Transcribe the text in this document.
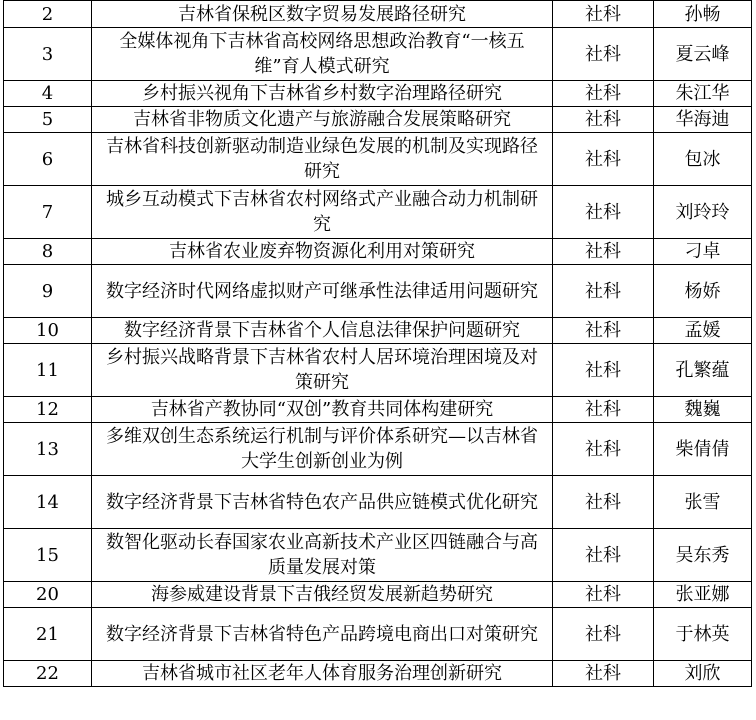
2	吉林省保税区数字贸易发展路径研究	社科	孙畅
3	全媒体视角下吉林省高校网络思想政治教育“一核五维”育人模式研究	社科	夏云峰
4	乡村振兴视角下吉林省乡村数字治理路径研究	社科	朱江华
5	吉林省非物质文化遗产与旅游融合发展策略研究	社科	华海迪
6	吉林省科技创新驱动制造业绿色发展的机制及实现路径研究	社科	包冰
7	城乡互动模式下吉林省农村网络式产业融合动力机制研究	社科	刘玲玲
8	吉林省农业废弃物资源化利用对策研究	社科	刁卓
9	数字经济时代网络虚拟财产可继承性法律适用问题研究	社科	杨娇
10	数字经济背景下吉林省个人信息法律保护问题研究	社科	孟媛
11	乡村振兴战略背景下吉林省农村人居环境治理困境及对策研究	社科	孔繁蕴
12	吉林省产教协同“双创”教育共同体构建研究	社科	魏巍
13	多维双创生态系统运行机制与评价体系研究—以吉林省大学生创新创业为例	社科	柴倩倩
14	数字经济背景下吉林省特色农产品供应链模式优化研究	社科	张雪
15	数智化驱动长春国家农业高新技术产业区四链融合与高质量发展对策	社科	吴东秀
20	海参威建设背景下吉俄经贸发展新趋势研究	社科	张亚娜
21	数字经济背景下吉林省特色产品跨境电商出口对策研究	社科	于林英
22	吉林省城市社区老年人体育服务治理创新研究	社科	刘欣
